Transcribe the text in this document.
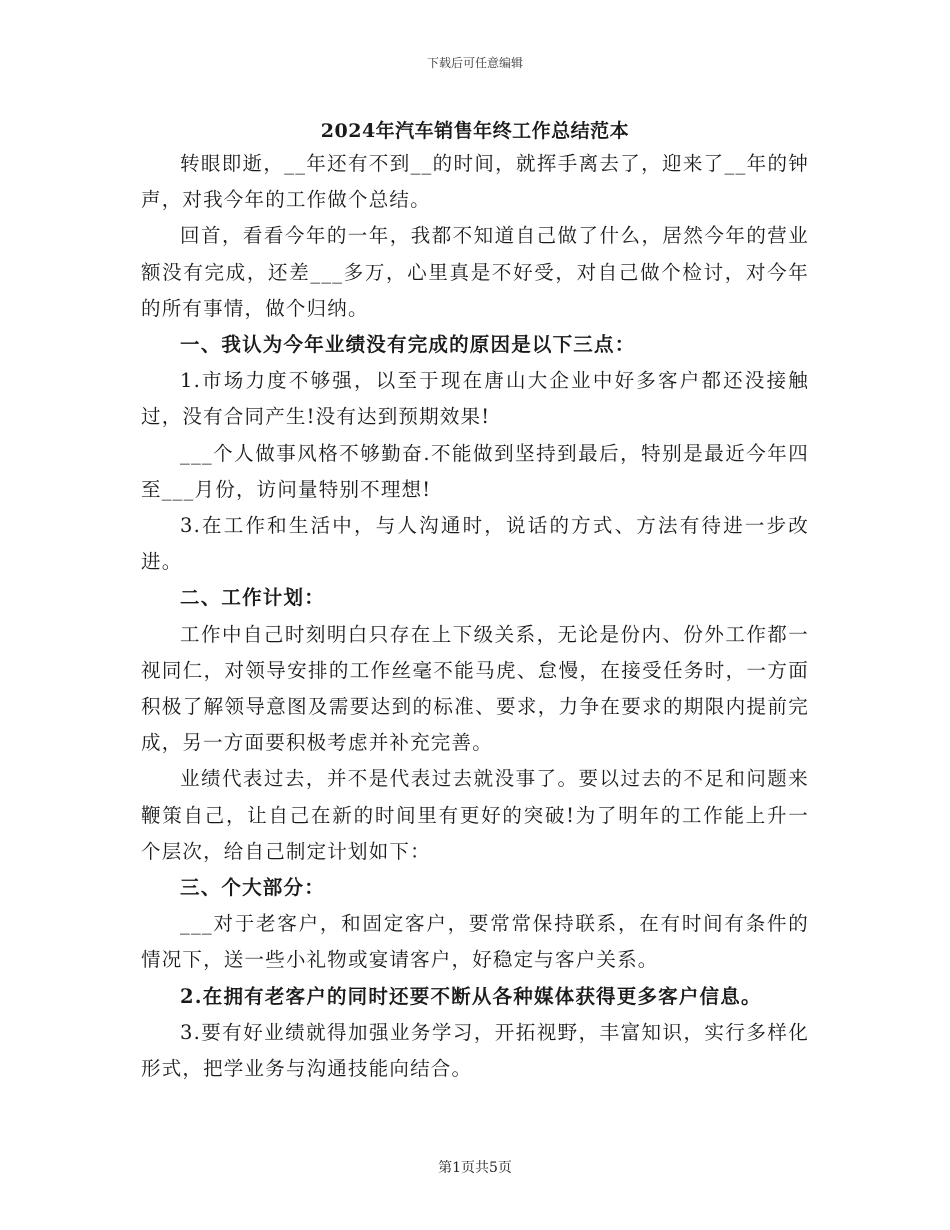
下载后可任意编辑
2024年汽车销售年终工作总结范本

转眼即逝，__年还有不到__的时间，就挥手离去了，迎来了__年的钟声，对我今年的工作做个总结。

回首，看看今年的一年，我都不知道自己做了什么，居然今年的营业额没有完成，还差___多万，心里真是不好受，对自己做个检讨，对今年的所有事情，做个归纳。

一、我认为今年业绩没有完成的原因是以下三点：

1.市场力度不够强，以至于现在唐山大企业中好多客户都还没接触过，没有合同产生!没有达到预期效果!

___个人做事风格不够勤奋.不能做到坚持到最后，特别是最近今年四至___月份，访问量特别不理想!

3.在工作和生活中，与人沟通时，说话的方式、方法有待进一步改进。

二、工作计划：

工作中自己时刻明白只存在上下级关系，无论是份内、份外工作都一视同仁，对领导安排的工作丝毫不能马虎、怠慢，在接受任务时，一方面积极了解领导意图及需要达到的标准、要求，力争在要求的期限内提前完成，另一方面要积极考虑并补充完善。

业绩代表过去，并不是代表过去就没事了。要以过去的不足和问题来鞭策自己，让自己在新的时间里有更好的突破!为了明年的工作能上升一个层次，给自己制定计划如下：

三、个大部分：

___对于老客户，和固定客户，要常常保持联系，在有时间有条件的情况下，送一些小礼物或宴请客户，好稳定与客户关系。

2.在拥有老客户的同时还要不断从各种媒体获得更多客户信息。

3.要有好业绩就得加强业务学习，开拓视野，丰富知识，实行多样化形式，把学业务与沟通技能向结合。

第1页共5页
